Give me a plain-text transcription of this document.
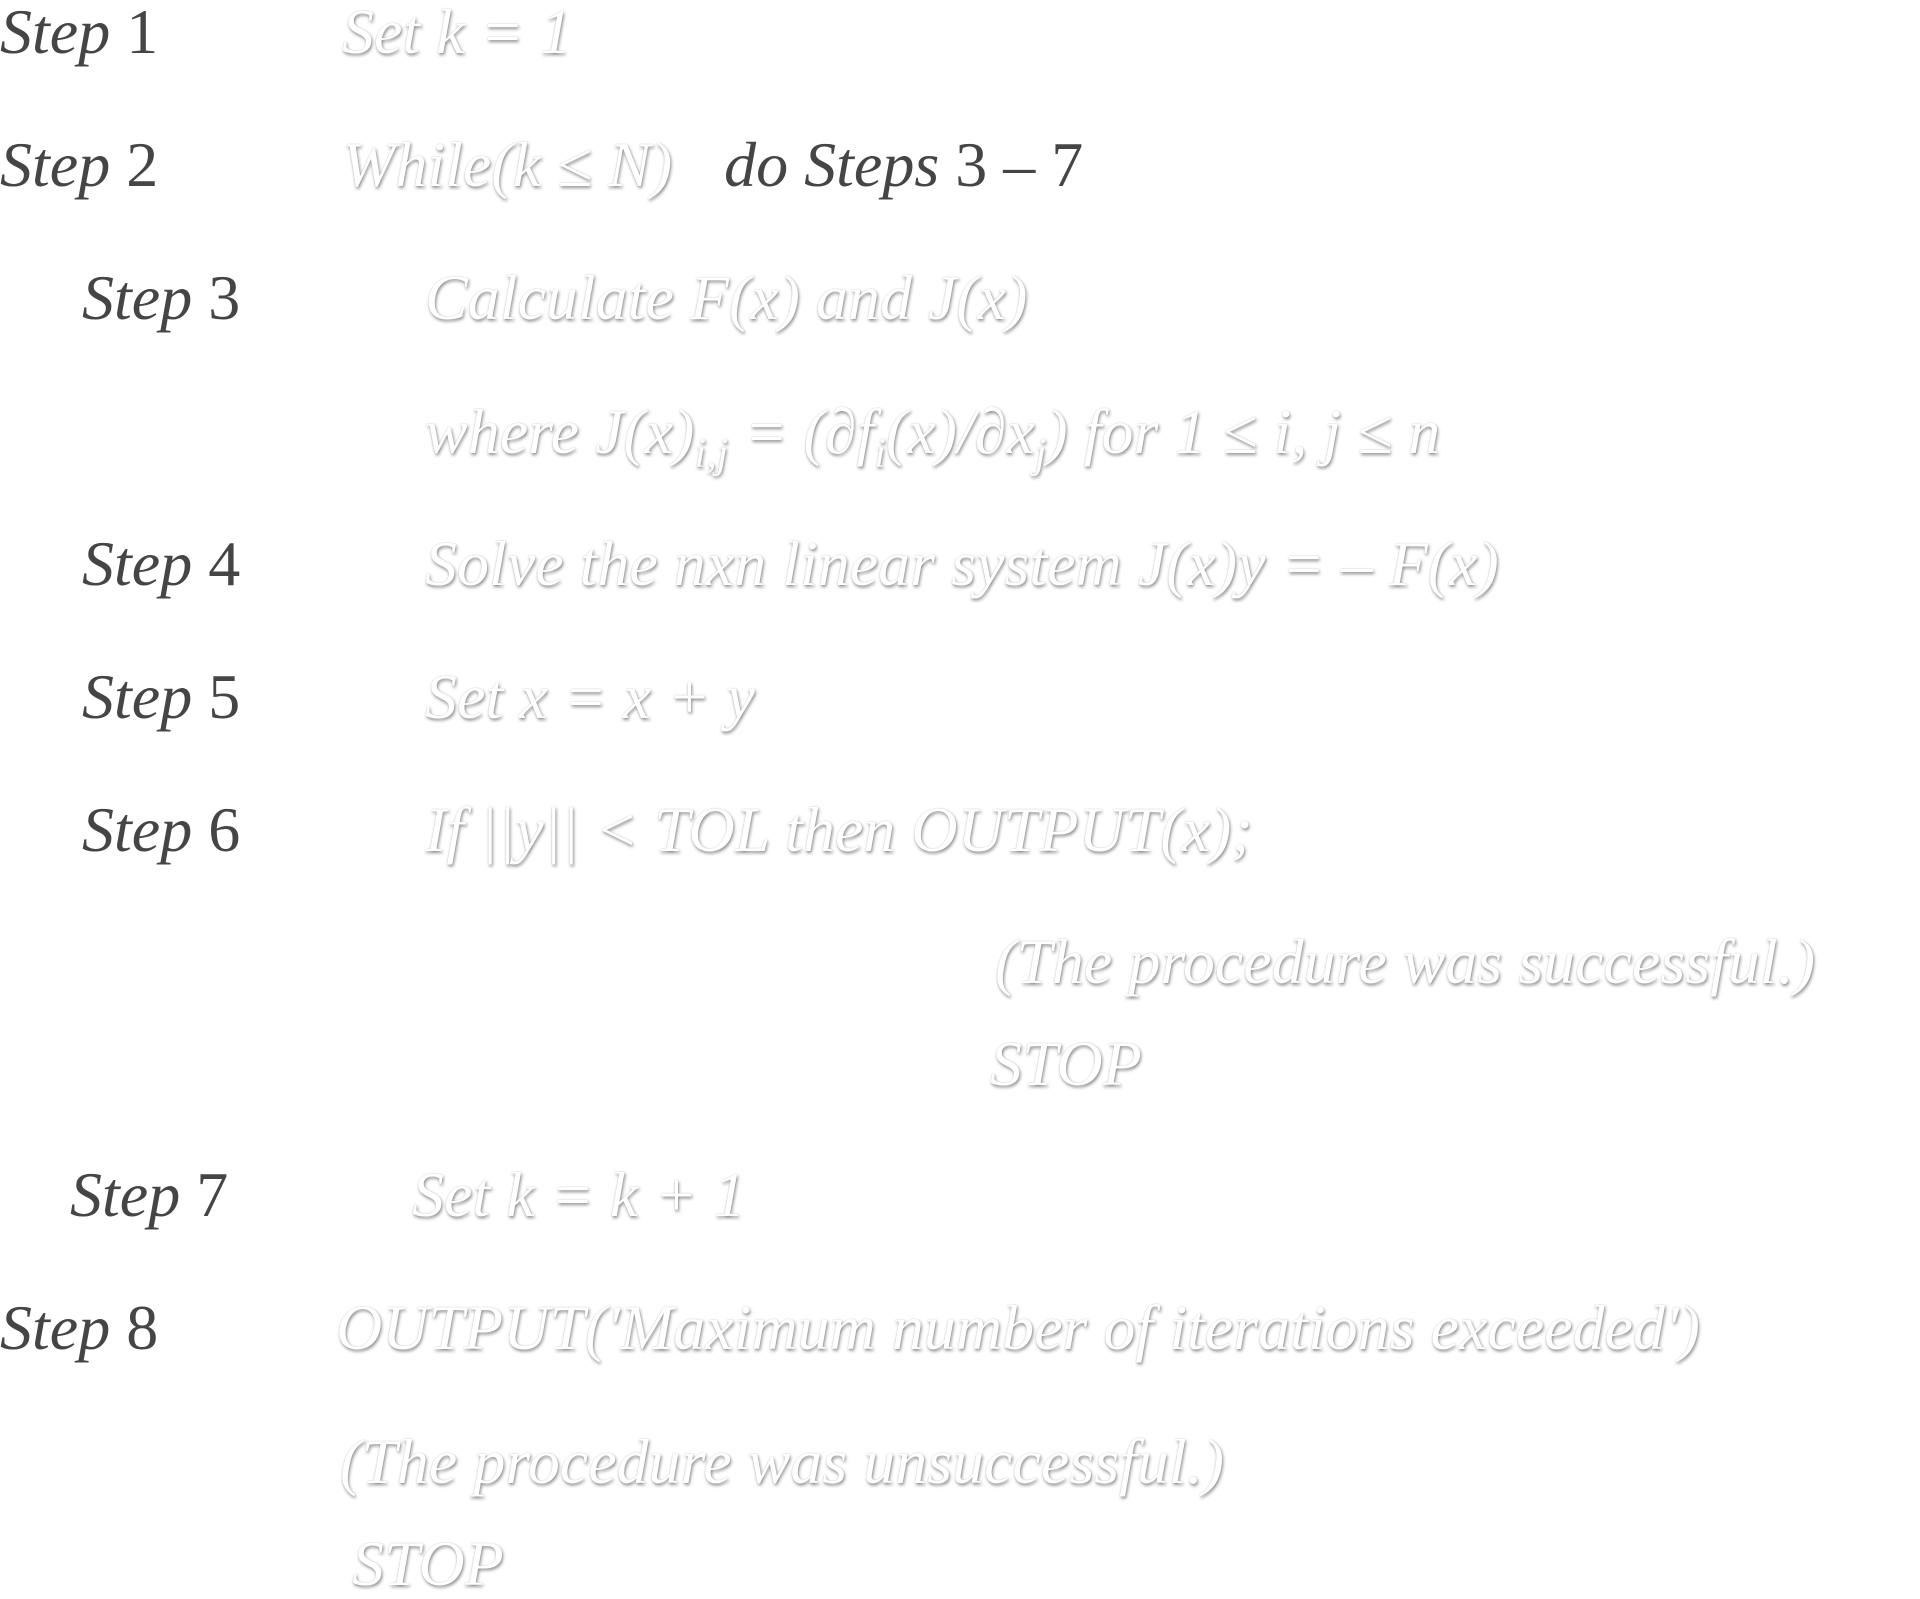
Step 1	Set k = 1
Step 2	While(k ≤ N) do Steps 3 – 7
Step 3	Calculate F(x) and J(x)
where $J(x)_{i,j} = (\partial f_i(x)/\partial x_j)$ for 1 ≤ i, j ≤ n
Step 4	Solve the nxn linear system J(x)y = – F(x)
Step 5	Set x = x + y
Step 6	If ||y|| < TOL then OUTPUT(x);
(The procedure was successful.)
STOP
Step 7	Set k = k + 1
Step 8	OUTPUT('Maximum number of iterations exceeded')
(The procedure was unsuccessful.)
STOP
